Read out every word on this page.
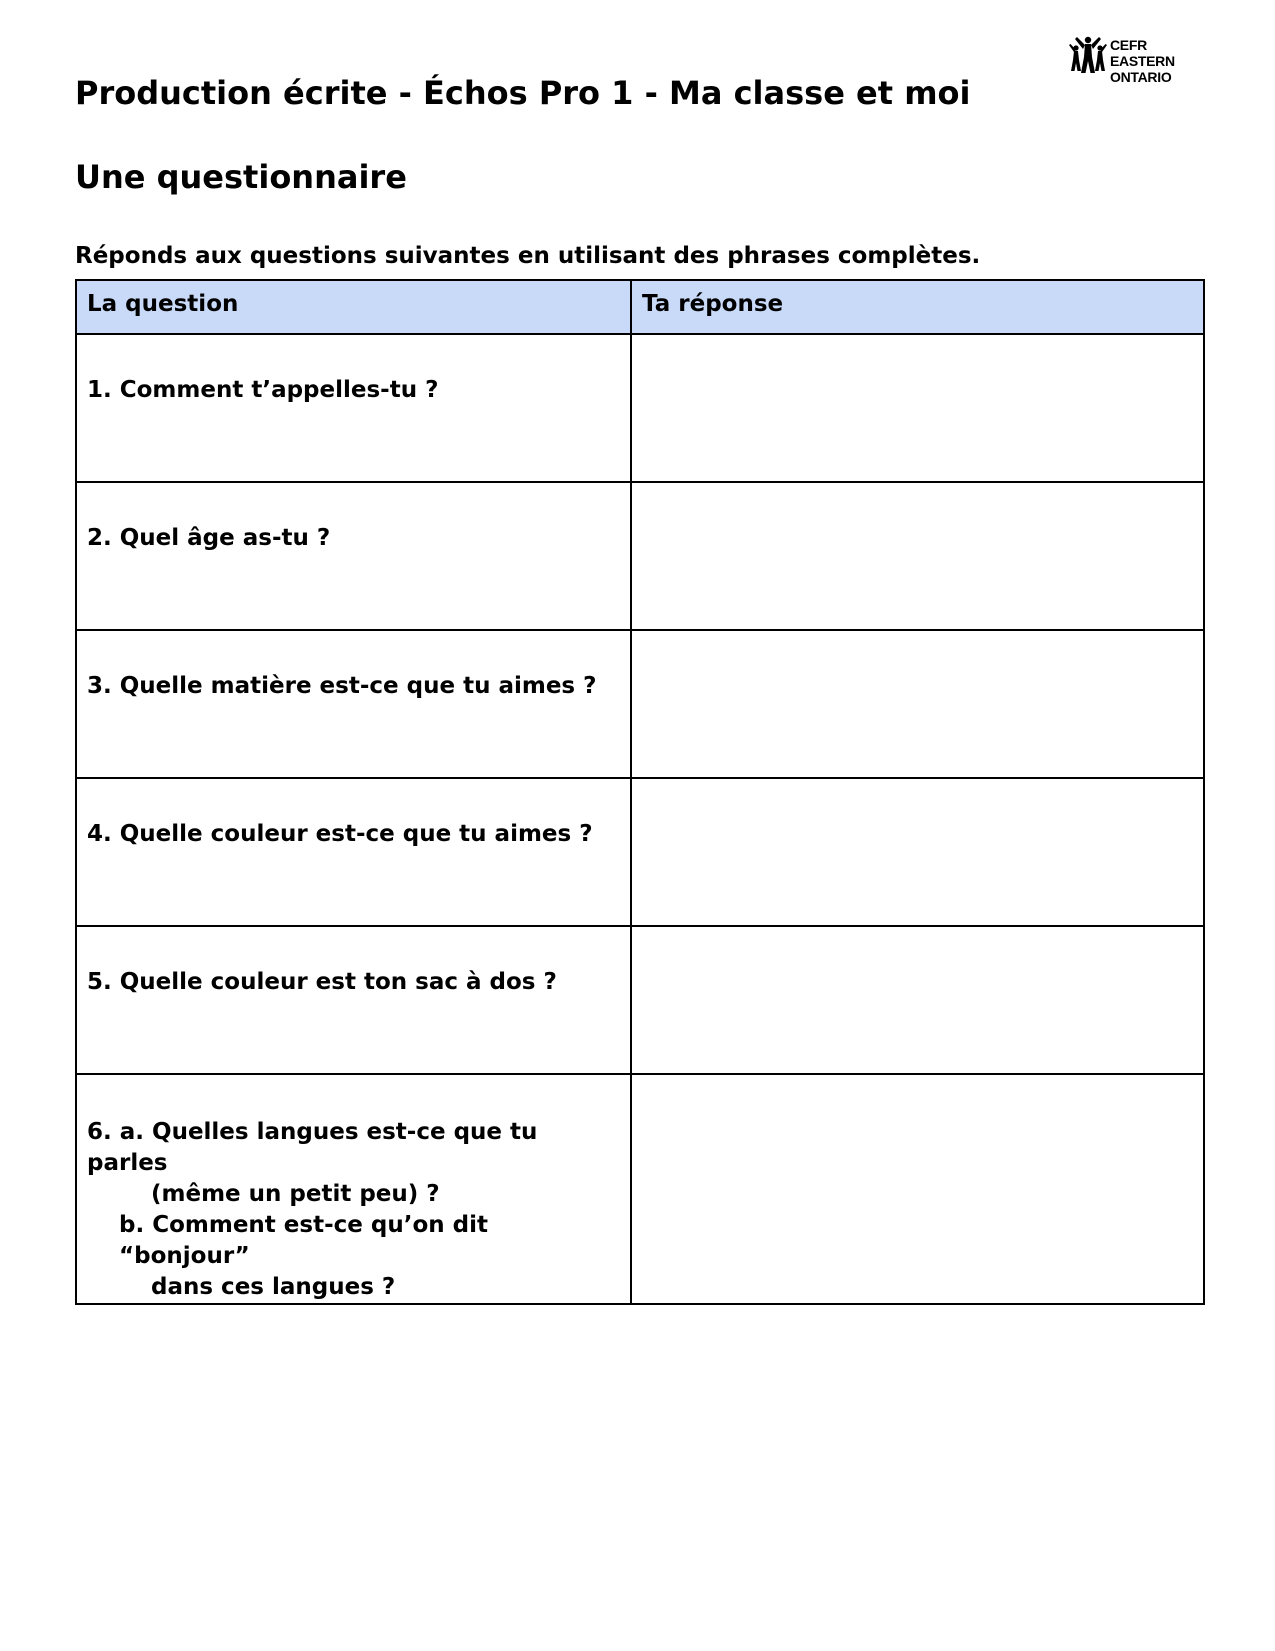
CEFR EASTERN
ONTARIO
Production écrite - Échos Pro 1 - Ma classe et moi
Une questionnaire

Réponds aux questions suivantes en utilisant des phrases complètes.

La question	Ta réponse
1. Comment t’appelles-tu ?	
2. Quel âge as-tu ?	
3. Quelle matière est-ce que tu aimes ?	
4. Quelle couleur est-ce que tu aimes ?	
5. Quelle couleur est ton sac à dos ?	

6. a. Quelles langues est-ce que tu parles
(même un petit peu) ?
b. Comment est-ce qu’on dit “bonjour”
dans ces langues ?	
